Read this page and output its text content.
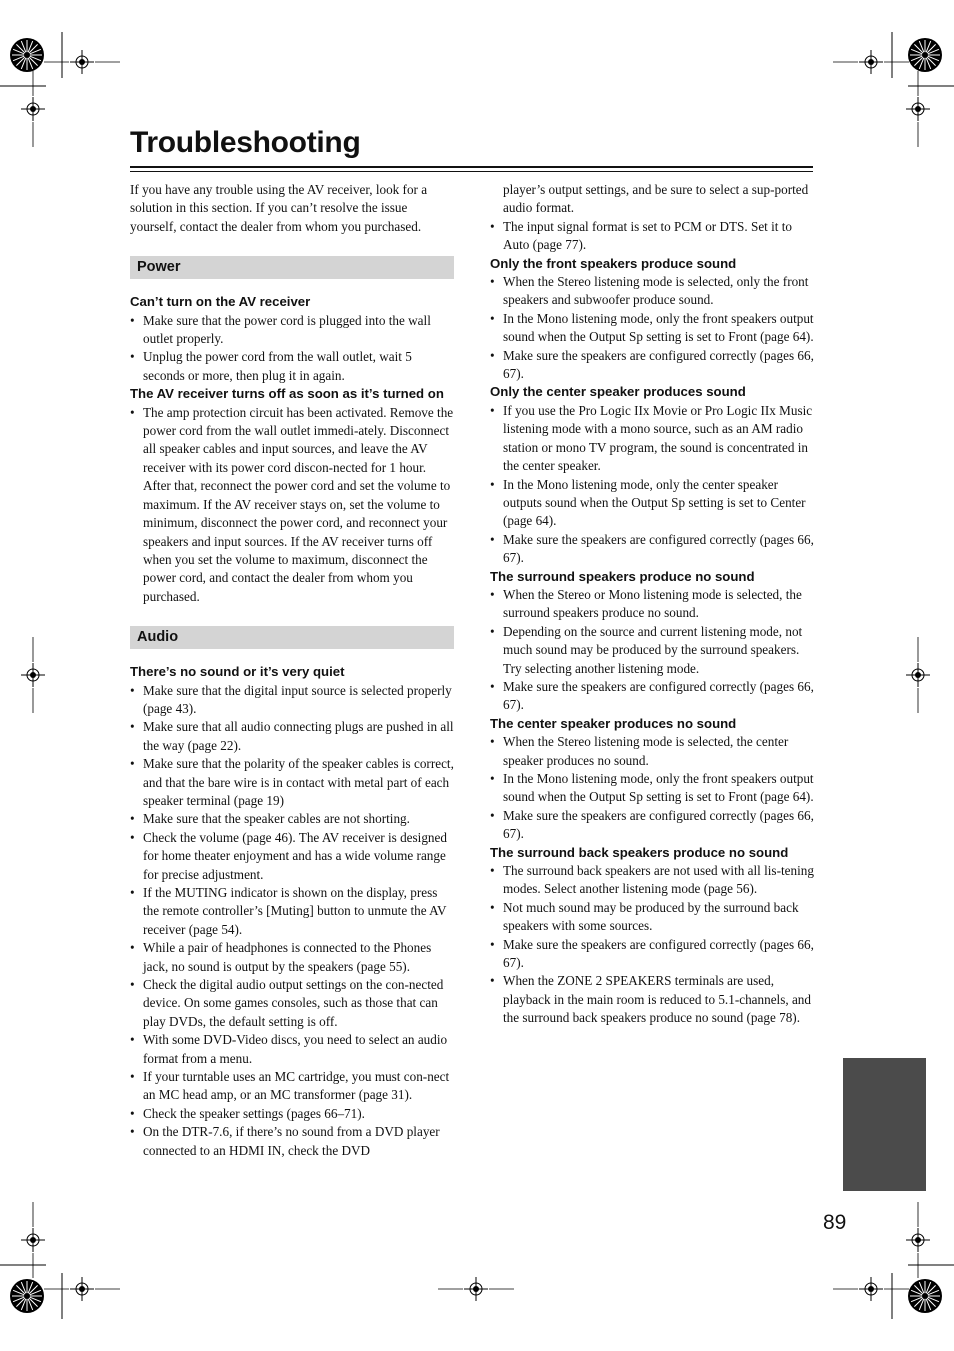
Troubleshooting

If you have any trouble using the AV receiver, look for a solution in this section. If you can’t resolve the issue yourself, contact the dealer from whom you purchased.

Power

Can’t turn on the AV receiver

• Make sure that the power cord is plugged into the wall outlet properly.
• Unplug the power cord from the wall outlet, wait 5 seconds or more, then plug it in again.

The AV receiver turns off as soon as it’s turned on

• The amp protection circuit has been activated. Remove the power cord from the wall outlet immedi-ately. Disconnect all speaker cables and input sources, and leave the AV receiver with its power cord discon-nected for 1 hour. After that, reconnect the power cord and set the volume to maximum. If the AV receiver stays on, set the volume to minimum, disconnect the power cord, and reconnect your speakers and input sources. If the AV receiver turns off when you set the volume to maximum, disconnect the power cord, and contact the dealer from whom you purchased.
Audio

There’s no sound or it’s very quiet

• Make sure that the digital input source is selected properly (page 43).
• Make sure that all audio connecting plugs are pushed in all the way (page 22).
• Make sure that the polarity of the speaker cables is correct, and that the bare wire is in contact with metal part of each speaker terminal (page 19)
• Make sure that the speaker cables are not shorting.
• Check the volume (page 46). The AV receiver is designed for home theater enjoyment and has a wide volume range for precise adjustment.
• If the MUTING indicator is shown on the display, press the remote controller’s [Muting] button to unmute the AV receiver (page 54).
• While a pair of headphones is connected to the Phones jack, no sound is output by the speakers (page 55).
• Check the digital audio output settings on the con-nected device. On some games consoles, such as those that can play DVDs, the default setting is off.
• With some DVD-Video discs, you need to select an audio format from a menu.
• If your turntable uses an MC cartridge, you must con-nect an MC head amp, or an MC transformer (page 31).
• Check the speaker settings (pages 66–71).
• On the DTR-7.6, if there’s no sound from a DVD player connected to an HDMI IN, check the DVD

player’s output settings, and be sure to select a sup-ported audio format.

• The input signal format is set to PCM or DTS. Set it to Auto (page 77).

Only the front speakers produce sound

• When the Stereo listening mode is selected, only the front speakers and subwoofer produce sound.
• In the Mono listening mode, only the front speakers output sound when the Output Sp setting is set to Front (page 64).
• Make sure the speakers are configured correctly (pages 66, 67).

Only the center speaker produces sound

• If you use the Pro Logic IIx Movie or Pro Logic IIx Music listening mode with a mono source, such as an AM radio station or mono TV program, the sound is concentrated in the center speaker.
• In the Mono listening mode, only the center speaker outputs sound when the Output Sp setting is set to Center (page 64).
• Make sure the speakers are configured correctly (pages 66, 67).

The surround speakers produce no sound

• When the Stereo or Mono listening mode is selected, the surround speakers produce no sound.
• Depending on the source and current listening mode, not much sound may be produced by the surround speakers. Try selecting another listening mode.
• Make sure the speakers are configured correctly (pages 66, 67).

The center speaker produces no sound

• When the Stereo listening mode is selected, the center speaker produces no sound.
• In the Mono listening mode, only the front speakers output sound when the Output Sp setting is set to Front (page 64).
• Make sure the speakers are configured correctly (pages 66, 67).

The surround back speakers produce no sound

• The surround back speakers are not used with all lis-tening modes. Select another listening mode (page 56).
• Not much sound may be produced by the surround back speakers with some sources.
• Make sure the speakers are configured correctly (pages 66, 67).
• When the ZONE 2 SPEAKERS terminals are used, playback in the main room is reduced to 5.1-channels, and the surround back speakers produce no sound (page 78).
89
